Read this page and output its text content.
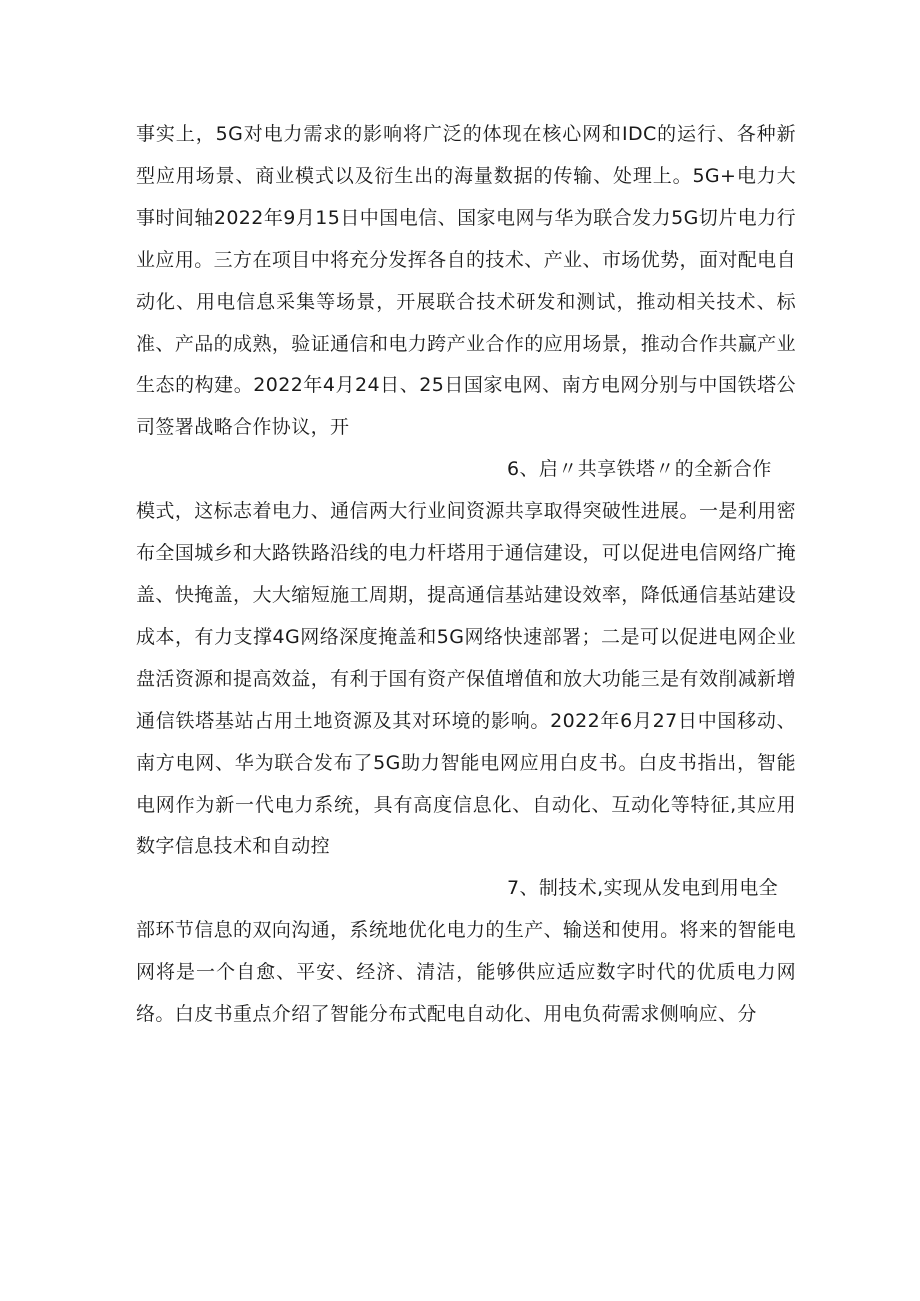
事实上，5G对电力需求的影响将广泛的体现在核心网和IDC的运行、各种新型应用场景、商业模式以及衍生出的海量数据的传输、处理上。5G+电力大事时间轴2022年9月15日中国电信、国家电网与华为联合发力5G切片电力行业应用。三方在项目中将充分发挥各自的技术、产业、市场优势，面对配电自动化、用电信息采集等场景，开展联合技术研发和测试，推动相关技术、标准、产品的成熟，验证通信和电力跨产业合作的应用场景，推动合作共赢产业生态的构建。2022年4月24日、25日国家电网、南方电网分别与中国铁塔公司签署战略合作协议，开

6、启〃共享铁塔〃的全新合作

模式，这标志着电力、通信两大行业间资源共享取得突破性进展。一是利用密布全国城乡和大路铁路沿线的电力杆塔用于通信建设，可以促进电信网络广掩盖、快掩盖，大大缩短施工周期，提高通信基站建设效率，降低通信基站建设成本，有力支撑4G网络深度掩盖和5G网络快速部署；二是可以促进电网企业盘活资源和提高效益，有利于国有资产保值增值和放大功能三是有效削减新增通信铁塔基站占用土地资源及其对环境的影响。2022年6月27日中国移动、南方电网、华为联合发布了5G助力智能电网应用白皮书。白皮书指出，智能电网作为新一代电力系统，具有高度信息化、自动化、互动化等特征,其应用数字信息技术和自动控

7、制技术,实现从发电到用电全

部环节信息的双向沟通，系统地优化电力的生产、输送和使用。将来的智能电网将是一个自愈、平安、经济、清洁，能够供应适应数字时代的优质电力网络。白皮书重点介绍了智能分布式配电自动化、用电负荷需求侧响应、分
